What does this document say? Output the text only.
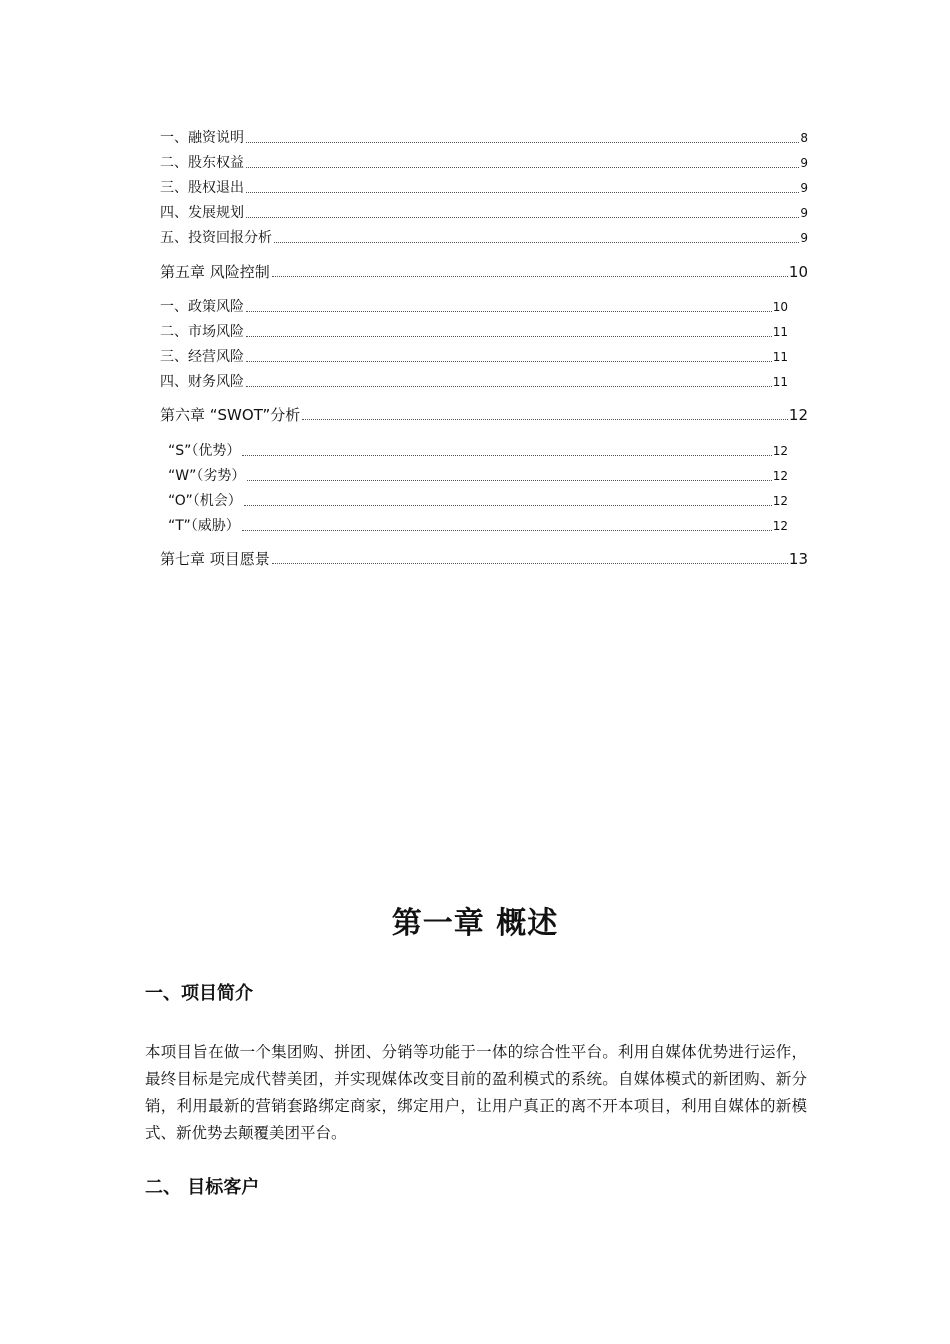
一、融资说明	8
二、股东权益	9
三、股权退出	9
四、发展规划	9
五、投资回报分析	9
第五章 风险控制	10
一、政策风险	10
二、市场风险	11
三、经营风险	11
四、财务风险	11
第六章 “SWOT”分析	12
“S”（优势）	12
“W”（劣势）	12
“O”（机会）	12
“T”（威胁）	12
第七章 项目愿景	13
第一章 概述
一、项目简介

本项目旨在做一个集团购、拼团、分销等功能于一体的综合性平台。利用自媒体优势进行运作，最终目标是完成代替美团，并实现媒体改变目前的盈利模式的系统。自媒体模式的新团购、新分销，利用最新的营销套路绑定商家，绑定用户，让用户真正的离不开本项目，利用自媒体的新模式、新优势去颠覆美团平台。

二、 目标客户
